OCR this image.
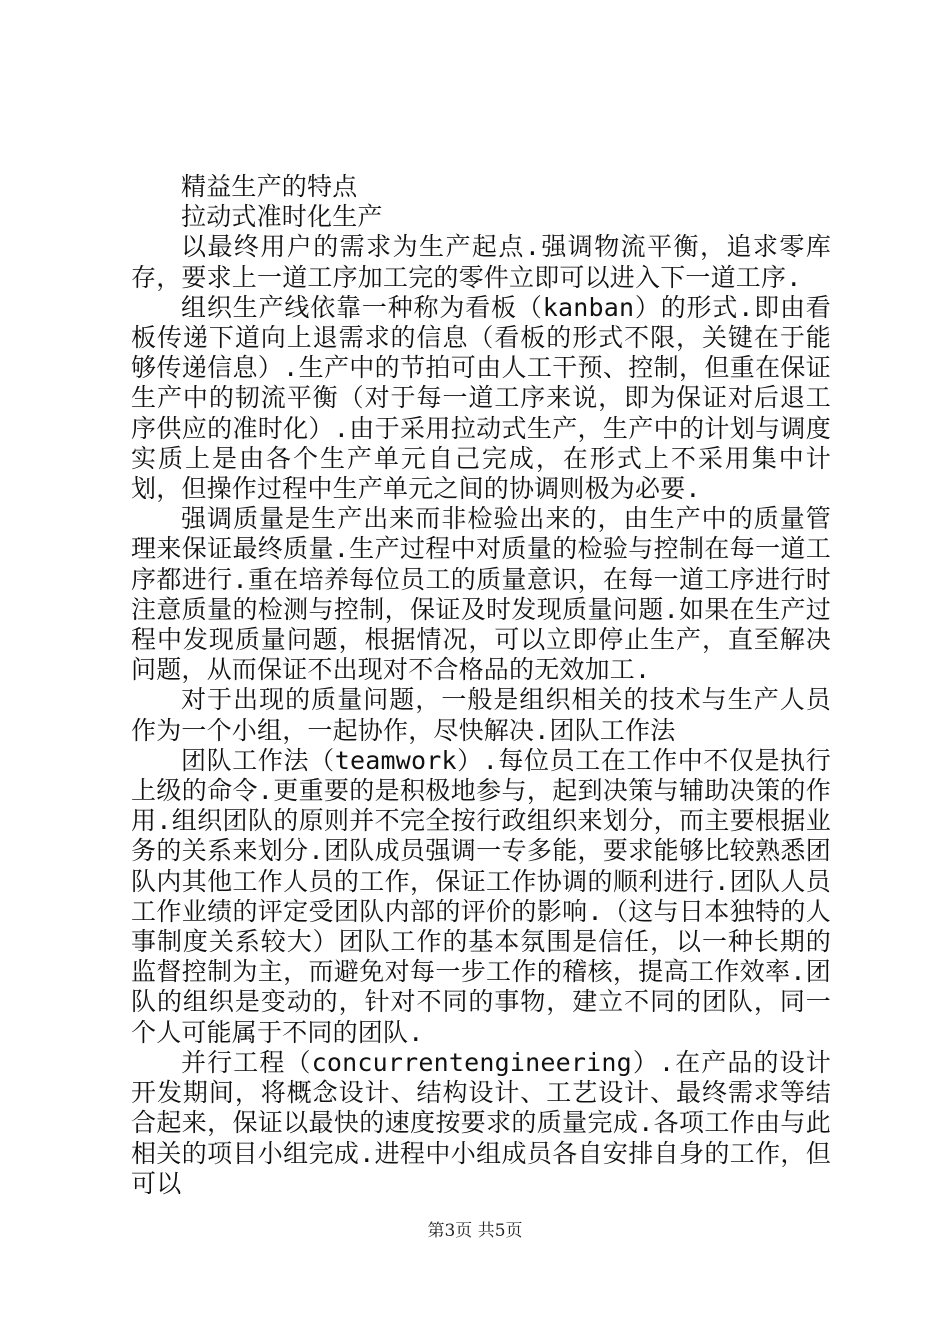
精益生产的特点

拉动式准时化生产

以最终用户的需求为生产起点.强调物流平衡，追求零库存，要求上一道工序加工完的零件立即可以进入下一道工序.

组织生产线依靠一种称为看板（kanban）的形式.即由看板传递下道向上退需求的信息（看板的形式不限，关键在于能够传递信息）.生产中的节拍可由人工干预、控制，但重在保证生产中的韧流平衡（对于每一道工序来说，即为保证对后退工序供应的准时化）.由于采用拉动式生产，生产中的计划与调度实质上是由各个生产单元自己完成，在形式上不采用集中计划，但操作过程中生产单元之间的协调则极为必要.

强调质量是生产出来而非检验出来的，由生产中的质量管理来保证最终质量.生产过程中对质量的检验与控制在每一道工序都进行.重在培养每位员工的质量意识，在每一道工序进行时注意质量的检测与控制，保证及时发现质量问题.如果在生产过程中发现质量问题，根据情况，可以立即停止生产，直至解决问题，从而保证不出现对不合格品的无效加工.

对于出现的质量问题，一般是组织相关的技术与生产人员作为一个小组，一起协作，尽快解决.团队工作法

团队工作法（teamwork）.每位员工在工作中不仅是执行上级的命令.更重要的是积极地参与，起到决策与辅助决策的作用.组织团队的原则并不完全按行政组织来划分，而主要根据业务的关系来划分.团队成员强调一专多能，要求能够比较熟悉团队内其他工作人员的工作，保证工作协调的顺利进行.团队人员工作业绩的评定受团队内部的评价的影响.（这与日本独特的人事制度关系较大）团队工作的基本氛围是信任，以一种长期的监督控制为主，而避免对每一步工作的稽核，提高工作效率.团队的组织是变动的，针对不同的事物，建立不同的团队，同一个人可能属于不同的团队.

并行工程（concurrentengineering）.在产品的设计开发期间，将概念设计、结构设计、工艺设计、最终需求等结合起来，保证以最快的速度按要求的质量完成.各项工作由与此相关的项目小组完成.进程中小组成员各自安排自身的工作，但可以

第3页 共5页
